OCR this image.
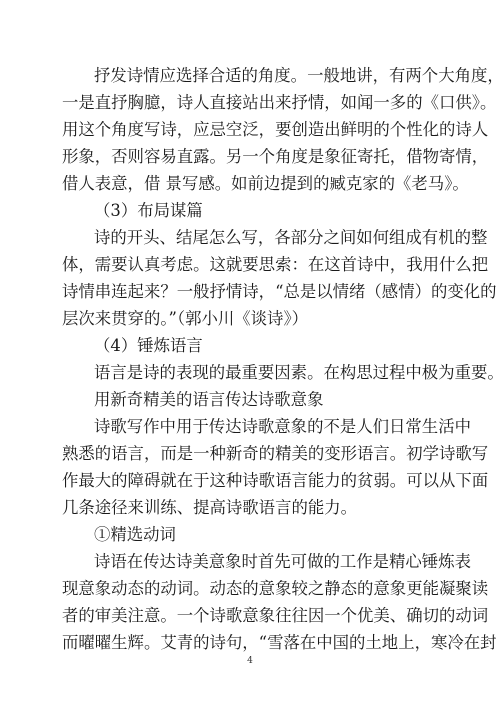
抒发诗情应选择合适的角度。一般地讲，有两个大角度，
一是直抒胸臆，诗人直接站出来抒情，如闻一多的《口供》。
用这个角度写诗，应忌空泛，要创造出鲜明的个性化的诗人
形象，否则容易直露。另一个角度是象征寄托，借物寄情，
借人表意，借 景写感。如前边提到的臧克家的《老马》。
（3）布局谋篇
诗的开头、结尾怎么写，各部分之间如何组成有机的整
体，需要认真考虑。这就要思索：在这首诗中，我用什么把
诗情串连起来？一般抒情诗，“总是以情绪（感情）的变化的
层次来贯穿的。”（郭小川《谈诗》）
（4）锤炼语言
语言是诗的表现的最重要因素。在构思过程中极为重要。
用新奇精美的语言传达诗歌意象
诗歌写作中用于传达诗歌意象的不是人们日常生活中
熟悉的语言，而是一种新奇的精美的变形语言。初学诗歌写
作最大的障碍就在于这种诗歌语言能力的贫弱。可以从下面
几条途径来训练、提高诗歌语言的能力。
①精选动词
诗语在传达诗美意象时首先可做的工作是精心锤炼表
现意象动态的动词。动态的意象较之静态的意象更能凝聚读
者的审美注意。一个诗歌意象往往因一个优美、确切的动词
而曜曜生辉。艾青的诗句，“雪落在中国的土地上，寒冷在封
4
